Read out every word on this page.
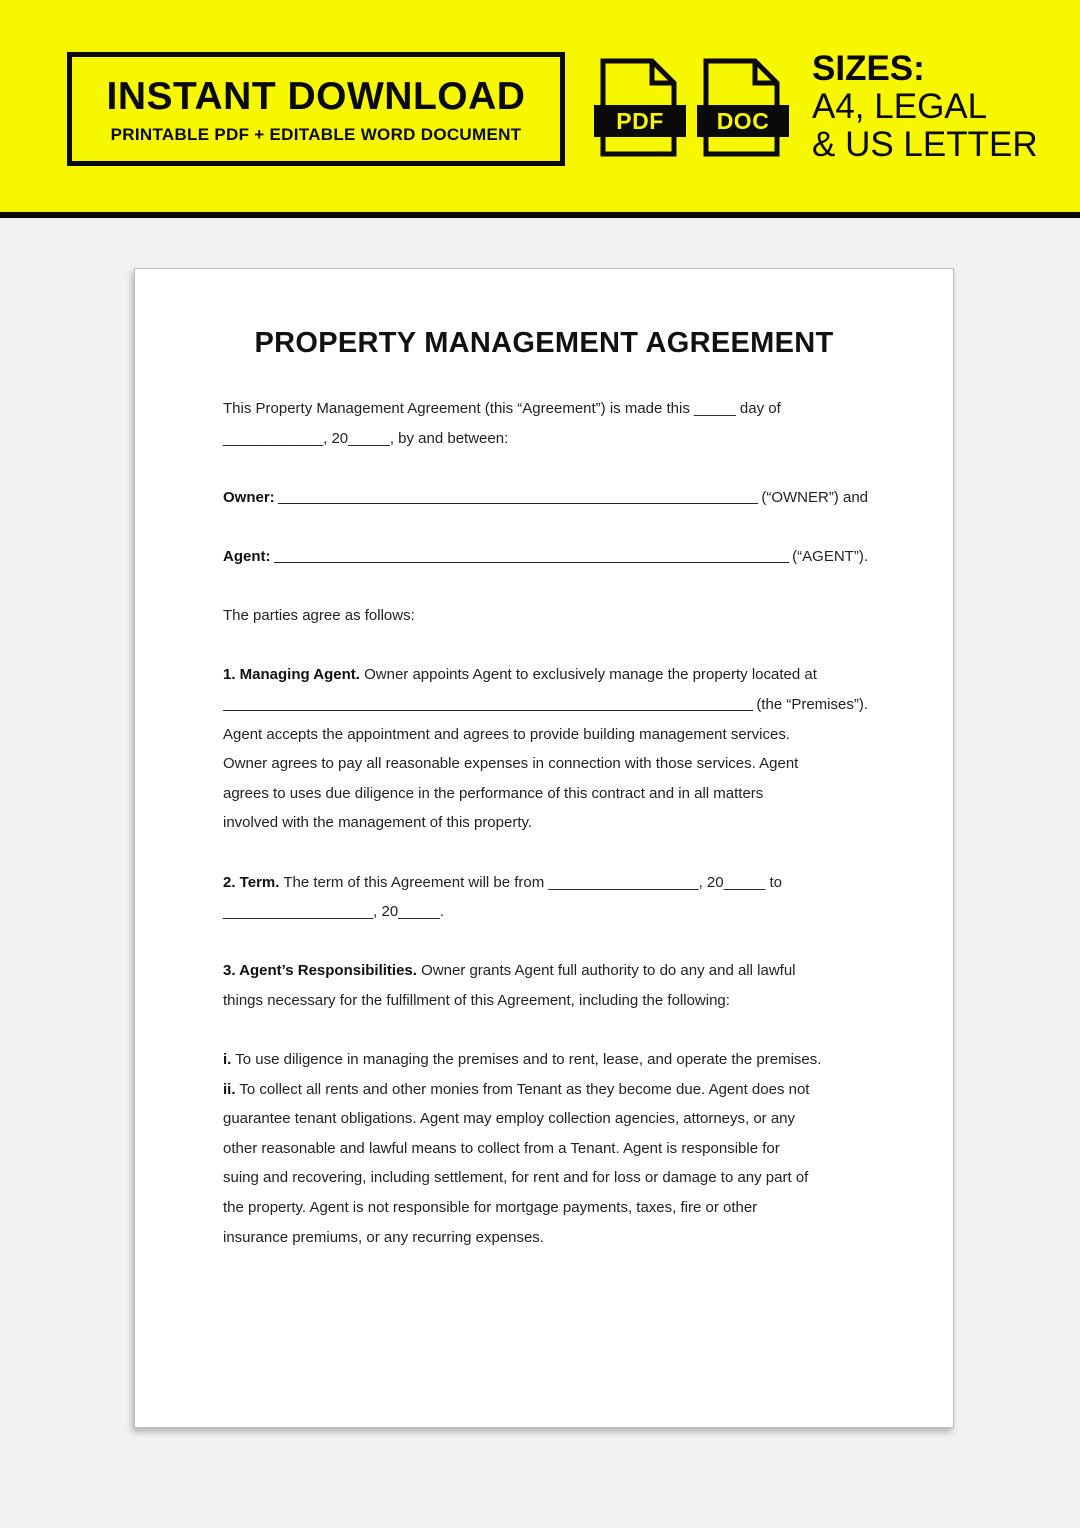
INSTANT DOWNLOAD
PRINTABLE PDF + EDITABLE WORD DOCUMENT
PDF	DOC
SIZES:
A4, LEGAL
& US LETTER
PROPERTY MANAGEMENT AGREEMENT

This Property Management Agreement (this “Agreement”) is made this _____ day of

____________, 20_____, by and between:

Owner:	(“OWNER”) and
Agent:	(“AGENT”).

The parties agree as follows:

1. Managing Agent. Owner appoints Agent to exclusively manage the property located at

(the “Premises”).

Agent accepts the appointment and agrees to provide building management services.

Owner agrees to pay all reasonable expenses in connection with those services. Agent

agrees to uses due diligence in the performance of this contract and in all matters

involved with the management of this property.

2. Term. The term of this Agreement will be from __________________, 20_____ to

__________________, 20_____.

3. Agent’s Responsibilities. Owner grants Agent full authority to do any and all lawful

things necessary for the fulfillment of this Agreement, including the following:

i. To use diligence in managing the premises and to rent, lease, and operate the premises.

ii. To collect all rents and other monies from Tenant as they become due. Agent does not

guarantee tenant obligations. Agent may employ collection agencies, attorneys, or any

other reasonable and lawful means to collect from a Tenant. Agent is responsible for

suing and recovering, including settlement, for rent and for loss or damage to any part of

the property. Agent is not responsible for mortgage payments, taxes, fire or other

insurance premiums, or any recurring expenses.
